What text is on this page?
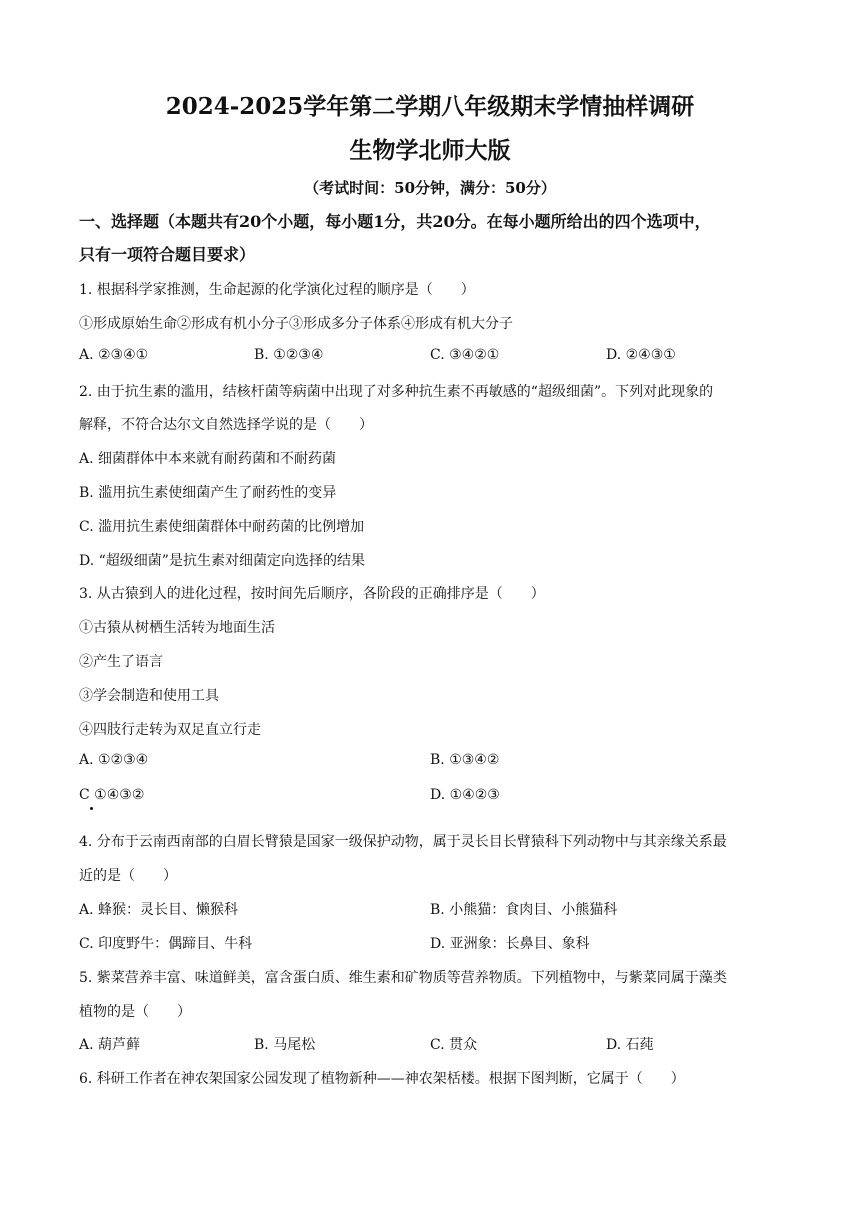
2024-2025学年第二学期八年级期末学情抽样调研
生物学北师大版
（考试时间：50分钟，满分：50分）
一、选择题（本题共有20个小题，每小题1分，共20分。在每小题所给出的四个选项中，
只有一项符合题目要求）
1. 根据科学家推测，生命起源的化学演化过程的顺序是（　　）
①形成原始生命②形成有机小分子③形成多分子体系④形成有机大分子
A. ②③④①	B. ①②③④	C. ③④②①	D. ②④③①
2. 由于抗生素的滥用，结核杆菌等病菌中出现了对多种抗生素不再敏感的“超级细菌”。下列对此现象的
解释，不符合达尔文自然选择学说的是（　　）
A. 细菌群体中本来就有耐药菌和不耐药菌
B. 滥用抗生素使细菌产生了耐药性的变异
C. 滥用抗生素使细菌群体中耐药菌的比例增加
D. “超级细菌”是抗生素对细菌定向选择的结果
3. 从古猿到人的进化过程，按时间先后顺序，各阶段的正确排序是（　　）
①古猿从树栖生活转为地面生活
②产生了语言
③学会制造和使用工具
④四肢行走转为双足直立行走
A. ①②③④	B. ①③④②
C ①④③②	D. ①④②③
4. 分布于云南西南部的白眉长臂猿是国家一级保护动物，属于灵长目长臂猿科下列动物中与其亲缘关系最
近的是（　　）
A. 蜂猴：灵长目、懒猴科	B. 小熊猫：食肉目、小熊猫科
C. 印度野牛：偶蹄目、牛科	D. 亚洲象：长鼻目、象科
5. 紫菜营养丰富、味道鲜美，富含蛋白质、维生素和矿物质等营养物质。下列植物中，与紫菜同属于藻类
植物的是（　　）
A. 葫芦藓	B. 马尾松	C. 贯众	D. 石莼
6. 科研工作者在神农架国家公园发现了植物新种——神农架栝楼。根据下图判断，它属于（　　）
